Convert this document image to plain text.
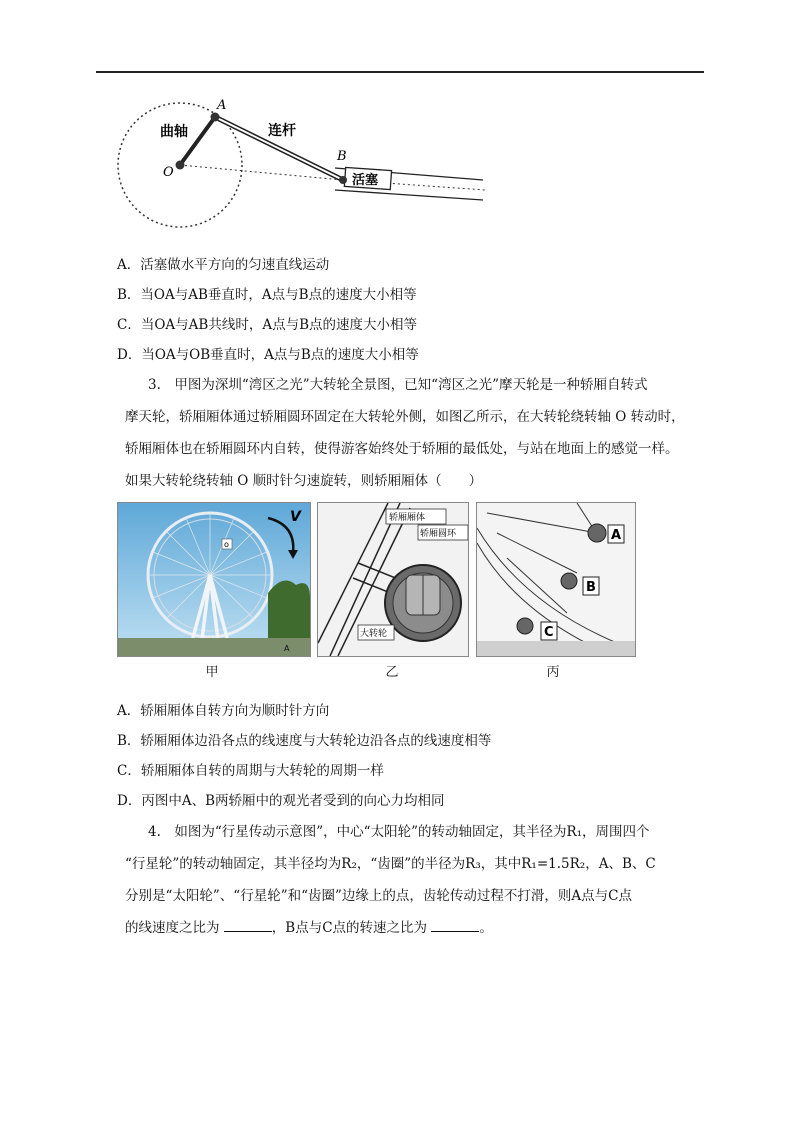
曲轴	连杆
活塞
A
B
O
A．活塞做水平方向的匀速直线运动
B．当OA与AB垂直时，A点与B点的速度大小相等
C．当OA与AB共线时，A点与B点的速度大小相等
D．当OA与OB垂直时，A点与B点的速度大小相等
3.　甲图为深圳“湾区之光”大转轮全景图，已知“湾区之光”摩天轮是一种轿厢自转式
摩天轮，轿厢厢体通过轿厢圆环固定在大转轮外侧，如图乙所示，在大转轮绕转轴 O 转动时，
轿厢厢体也在轿厢圆环内自转，使得游客始终处于轿厢的最低处，与站在地面上的感觉一样。
如果大转轮绕转轴 O 顺时针匀速旋转，则轿厢厢体（　　）
o
V
A
轿厢厢体
轿厢圆环
大转轮
A
B
C
甲	乙	丙
A．轿厢厢体自转方向为顺时针方向
B．轿厢厢体边沿各点的线速度与大转轮边沿各点的线速度相等
C．轿厢厢体自转的周期与大转轮的周期一样
D．丙图中A、B两轿厢中的观光者受到的向心力均相同
4.　如图为“行星传动示意图”，中心“太阳轮”的转动轴固定，其半径为R₁，周围四个
“行星轮”的转动轴固定，其半径均为R₂，“齿圈”的半径为R₃，其中R₁=1.5R₂，A、B、C
分别是“太阳轮”、“行星轮”和“齿圈”边缘上的点，齿轮传动过程不打滑，则A点与C点
的线速度之比为	，B点与C点的转速之比为	。
